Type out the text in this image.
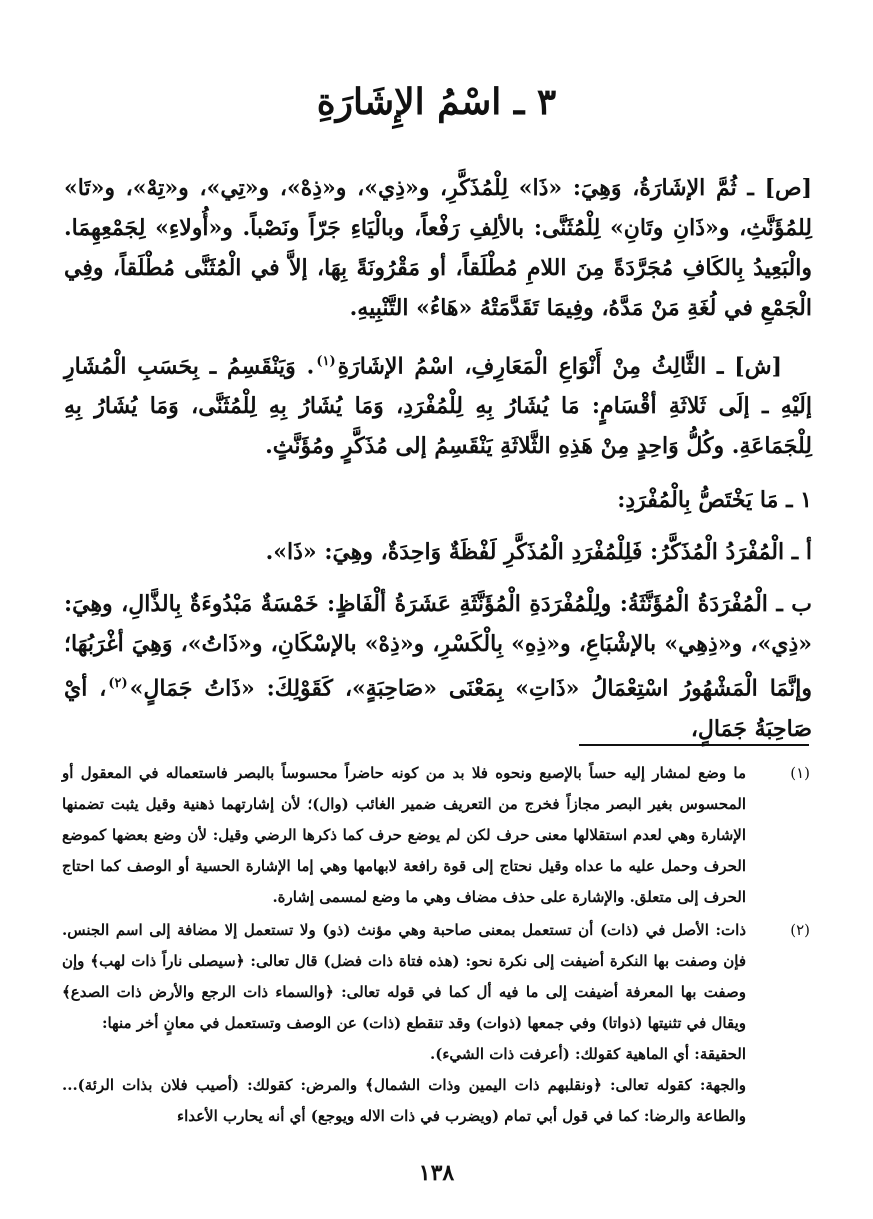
٣ ـ اسْمُ الإِشَارَةِ

[ص] ـ ثُمَّ الإشَارَةُ، وَهِيَ: «ذَا» لِلْمُذَكَّرِ، و«ذِي»، و«ذِهْ»، و«تِي»، و«تِهْ»، و«تَا» لِلمُؤَنَّثِ، و«ذَانِ وتَانِ» لِلْمُثَنَّى: بالألِفِ رَفْعاً، وبالْيَاءِ جَرّاً ونَصْباً. و«أُولاءِ» لِجَمْعِهِمَا. والْبَعِيدُ بِالكَافِ مُجَرَّدَةً مِنَ اللامِ مُطْلَقاً، أو مَقْرُونَةً بِهَا، إلاَّ في الْمُثَنَّى مُطْلَقاً، وفِي الْجَمْعِ في لُغَةِ مَنْ مَدَّهُ، وفِيمَا تَقَدَّمَتْهُ «هَاءُ» التَّنْبِيهِ.

[ش] ـ الثَّالِثُ مِنْ أَنْوَاعِ الْمَعَارِفِ، اسْمُ الإشَارَةِ$^{(١)}$. وَيَنْقَسِمُ ـ بِحَسَبِ الْمُشَارِ إلَيْهِ ـ إلَى ثَلاثَةِ أقْسَامٍ: مَا يُشَارُ بِهِ لِلْمُفْرَدِ، وَمَا يُشَارُ بِهِ لِلْمُثَنَّى، وَمَا يُشَارُ بِهِ لِلْجَمَاعَةِ. وكُلُّ وَاحِدٍ مِنْ هَذِهِ الثَّلاثَةِ يَنْقَسِمُ إلى مُذَكَّرٍ ومُؤَنَّثٍ.

١ ـ مَا يَخْتَصُّ بِالْمُفْرَدِ:

أ ـ الْمُفْرَدُ الْمُذَكَّرُ: فَلِلْمُفْرَدِ الْمُذَكَّرِ لَفْظَةٌ وَاحِدَةٌ، وهِيَ: «ذَا».

ب ـ الْمُفْرَدَةُ الْمُؤَنَّثَةُ: ولِلْمُفْرَدَةِ الْمُؤَنَّثَةِ عَشَرَةُ ألْفَاظٍ: خَمْسَةٌ مَبْدُوءَةٌ بِالذَّالِ، وهِيَ: «ذِي»، و«ذِهِي» بالإشْبَاعِ، و«ذِهِ» بِالْكَسْرِ، و«ذِهْ» بالإسْكَانِ، و«ذَاتُ»، وَهِيَ أغْرَبُهَا؛ وإنَّمَا الْمَشْهُورُ اسْتِعْمَالُ «ذَاتِ» بِمَعْنَى «صَاحِبَةٍ»، كَقَوْلِكَ: «ذَاتُ جَمَالٍ»$^{(٢)}$، أيْ صَاحِبَةُ جَمَالٍ،

(١)
ما وضع لمشار إليه حساً بالإصبع ونحوه فلا بد من كونه حاضراً محسوساً بالبصر فاستعماله في المعقول أو المحسوس بغير البصر مجازاً فخرج من التعريف ضمير الغائب (وال)؛ لأن إشارتهما ذهنية وقيل يثبت تضمنها الإشارة وهي لعدم استقلالها معنى حرف لكن لم يوضع حرف كما ذكرها الرضي وقيل: لأن وضع بعضها كموضع الحرف وحمل عليه ما عداه وقيل نحتاج إلى قوة رافعة لابهامها وهي إما الإشارة الحسية أو الوصف كما احتاج الحرف إلى متعلق. والإشارة على حذف مضاف وهي ما وضع لمسمى إشارة.
(٢)
ذات: الأصل في (ذات) أن تستعمل بمعنى صاحبة وهي مؤنث (ذو) ولا تستعمل إلا مضافة إلى اسم الجنس. فإن وصفت بها النكرة أضيفت إلى نكرة نحو: (هذه فتاة ذات فضل) قال تعالى: ﴿سيصلى ناراً ذات لهب﴾ وإن وصفت بها المعرفة أضيفت إلى ما فيه أل كما في قوله تعالى: ﴿والسماء ذات الرجع والأرض ذات الصدع﴾ ويقال في تثنيتها (ذواتا) وفي جمعها (ذوات) وقد تنقطع (ذات) عن الوصف وتستعمل في معانٍ أخر منها:
الحقيقة: أي الماهية كقولك: (أعرفت ذات الشيء).
والجهة: كقوله تعالى: ﴿ونقلبهم ذات اليمين وذات الشمال﴾ والمرض: كقولك: (أصيب فلان بذات الرئة)... والطاعة والرضا: كما في قول أبي تمام (ويضرب في ذات الاله ويوجع) أي أنه يحارب الأعداء
١٣٨
